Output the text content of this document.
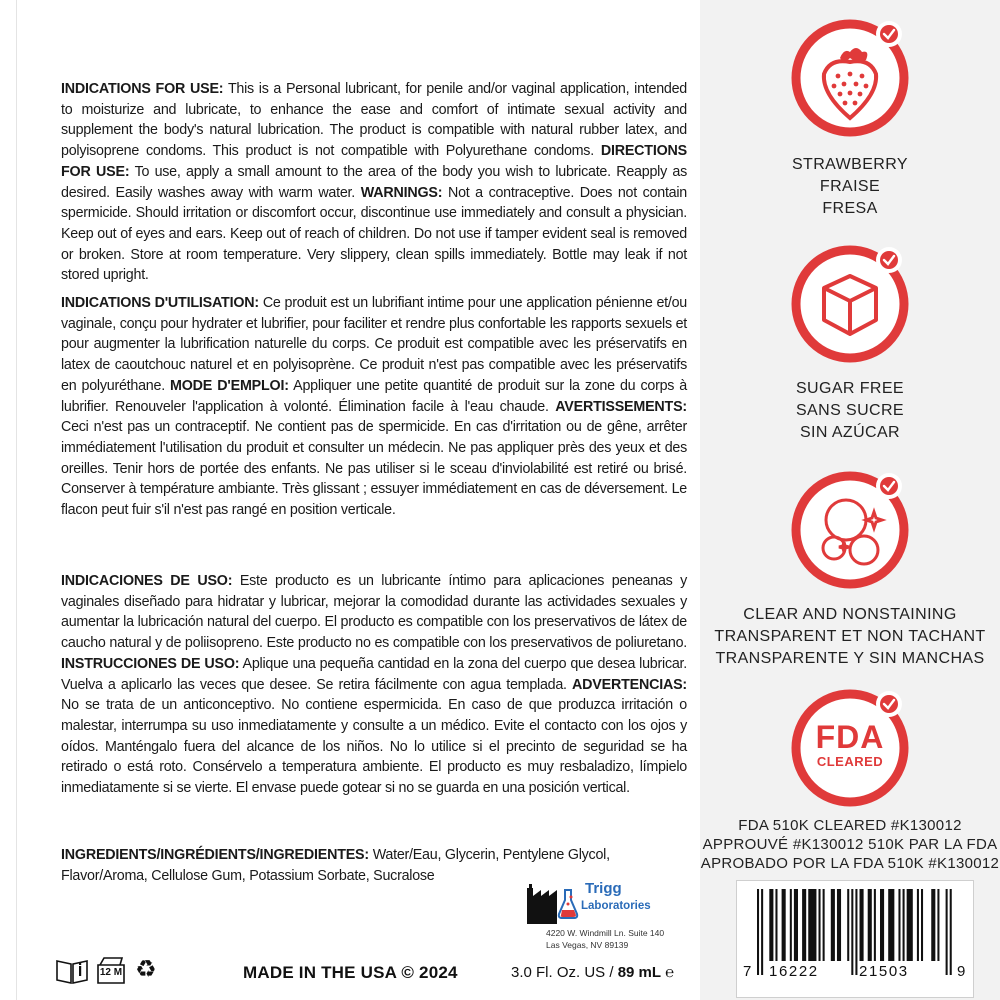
INDICATIONS FOR USE: This is a Personal lubricant, for penile and/or vaginal application, intended to moisturize and lubricate, to enhance the ease and comfort of intimate sexual activity and supplement the body's natural lubrication. The product is compatible with natural rubber latex, and polyisoprene condoms. This product is not compatible with Polyurethane condoms. DIRECTIONS FOR USE: To use, apply a small amount to the area of the body you wish to lubricate. Reapply as desired. Easily washes away with warm water. WARNINGS: Not a contraceptive. Does not contain spermicide. Should irritation or discomfort occur, discontinue use immediately and consult a physician. Keep out of eyes and ears. Keep out of reach of children. Do not use if tamper evident seal is removed or broken. Store at room temperature. Very slippery, clean spills immediately. Bottle may leak if not stored upright.
INDICATIONS D'UTILISATION: Ce produit est un lubrifiant intime pour une application pénienne et/ou vaginale, conçu pour hydrater et lubrifier, pour faciliter et rendre plus confortable les rapports sexuels et pour augmenter la lubrification naturelle du corps. Ce produit est compatible avec les préservatifs en latex de caoutchouc naturel et en polyisoprène. Ce produit n'est pas compatible avec les préservatifs en polyuréthane. MODE D'EMPLOI: Appliquer une petite quantité de produit sur la zone du corps à lubrifier. Renouveler l'application à volonté. Élimination facile à l'eau chaude. AVERTISSEMENTS: Ceci n'est pas un contraceptif. Ne contient pas de spermicide. En cas d'irritation ou de gêne, arrêter immédiatement l'utilisation du produit et consulter un médecin. Ne pas appliquer près des yeux et des oreilles. Tenir hors de portée des enfants. Ne pas utiliser si le sceau d'inviolabilité est retiré ou brisé. Conserver à température ambiante. Très glissant ; essuyer immédiatement en cas de déversement. Le flacon peut fuir s'il n'est pas rangé en position verticale.
INDICACIONES DE USO: Este producto es un lubricante íntimo para aplicaciones peneanas y vaginales diseñado para hidratar y lubricar, mejorar la comodidad durante las actividades sexuales y aumentar la lubricación natural del cuerpo. El producto es compatible con los preservativos de látex de caucho natural y de poliisopreno. Este producto no es compatible con los preservativos de poliuretano. INSTRUCCIONES DE USO: Aplique una pequeña cantidad en la zona del cuerpo que desea lubricar. Vuelva a aplicarlo las veces que desee. Se retira fácilmente con agua templada. ADVERTENCIAS: No se trata de un anticonceptivo. No contiene espermicida. En caso de que produzca irritación o malestar, interrumpa su uso inmediatamente y consulte a un médico. Evite el contacto con los ojos y oídos. Manténgalo fuera del alcance de los niños. No lo utilice si el precinto de seguridad se ha retirado o está roto. Consérvelo a temperatura ambiente. El producto es muy resbaladizo, límpielo inmediatamente si se vierte. El envase puede gotear si no se guarda en una posición vertical.
INGREDIENTS/INGRÉDIENTS/INGREDIENTES: Water/Eau, Glycerin, Pentylene Glycol, Flavor/Aroma, Cellulose Gum, Potassium Sorbate, Sucralose
Trigg
Laboratories
4220 W. Windmill Ln. Suite 140
Las Vegas, NV 89139
12 M ♻	MADE IN THE USA © 2024	3.0 Fl. Oz. US / 89 mL ℮
STRAWBERRY
FRAISE
FRESA
SUGAR FREE
SANS SUCRE
SIN AZÚCAR
CLEAR AND NONSTAINING
TRANSPARENT ET NON TACHANT
TRANSPARENTE Y SIN MANCHAS
FDA
CLEARED
FDA 510K CLEARED #K130012
APPROUVÉ #K130012 510K PAR LA FDA
APROBADO POR LA FDA 510K #K130012
7 16222	21503	9
